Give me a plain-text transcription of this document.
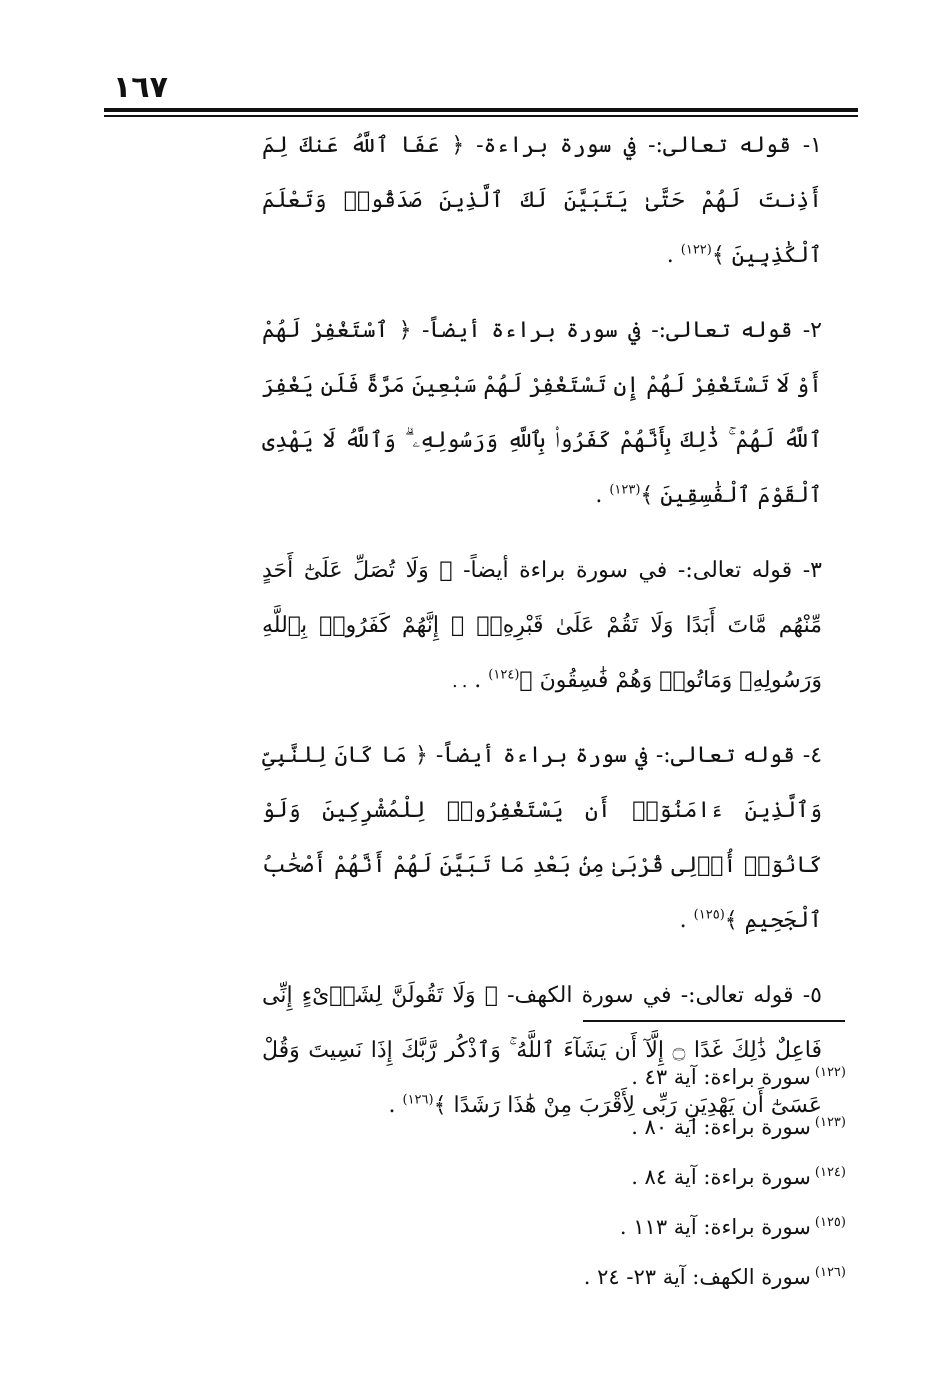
١٦٧

١- قوله تعالى:- في سورة براءة- ﴿ عَفَا ٱللَّهُ عَنكَ لِمَ أَذِنتَ لَهُمْ حَتَّىٰ يَتَبَيَّنَ لَكَ ٱلَّذِينَ صَدَقُوا۟ وَتَعْلَمَ ٱلْكَٰذِبِينَ ﴾$^{(١٢٢)}$ .

٢- قوله تعالى:- في سورة براءة أيضاً- ﴿ ٱسْتَغْفِرْ لَهُمْ أَوْ لَا تَسْتَغْفِرْ لَهُمْ إِن تَسْتَغْفِرْ لَهُمْ سَبْعِينَ مَرَّةً فَلَن يَغْفِرَ ٱللَّهُ لَهُمْ ۚ ذَٰلِكَ بِأَنَّهُمْ كَفَرُوا۟ بِٱللَّهِ وَرَسُولِهِۦ ۗ وَٱللَّهُ لَا يَهْدِى ٱلْقَوْمَ ٱلْفَٰسِقِينَ ﴾$^{(١٢٣)}$ .

٣- قوله تعالى:- في سورة براءة أيضاً- ﴿ وَلَا تُصَلِّ عَلَىٰٓ أَحَدٍ مِّنْهُم مَّاتَ أَبَدًا وَلَا تَقُمْ عَلَىٰ قَبْرِهِۦٓ ۖ إِنَّهُمْ كَفَرُوا۟ بِٱللَّهِ وَرَسُولِهِۦ وَمَاتُوا۟ وَهُمْ فَٰسِقُونَ ﴾$^{(١٢٤)}$ .

٤- قوله تعالى:- في سورة براءة أيضاً- ﴿ مَا كَانَ لِلنَّبِىِّ وَٱلَّذِينَ ءَامَنُوٓا۟ أَن يَسْتَغْفِرُوا۟ لِلْمُشْرِكِينَ وَلَوْ كَانُوٓا۟ أُو۟لِى قُرْبَىٰ مِنۢ بَعْدِ مَا تَبَيَّنَ لَهُمْ أَنَّهُمْ أَصْحَٰبُ ٱلْجَحِيمِ ﴾$^{(١٢٥)}$ .

٥- قوله تعالى:- في سورة الكهف- ﴿ وَلَا تَقُولَنَّ لِشَا۟ىْءٍ إِنِّى فَاعِلٌ ذَٰلِكَ غَدًا ۝ إِلَّآ أَن يَشَآءَ ٱللَّهُ ۚ وَٱذْكُر رَّبَّكَ إِذَا نَسِيتَ وَقُلْ عَسَىٰٓ أَن يَهْدِيَنِ رَبِّى لِأَقْرَبَ مِنْ هَٰذَا رَشَدًا ﴾$^{(١٢٦)}$ .

..
$^{(١٢٢)}$سورة براءة: آية ٤٣ .
$^{(١٢٣)}$سورة براءة: آية ٨٠ .
$^{(١٢٤)}$سورة براءة: آية ٨٤ .
$^{(١٢٥)}$سورة براءة: آية ١١٣ .
$^{(١٢٦)}$سورة الكهف: آية ٢٣- ٢٤ .
